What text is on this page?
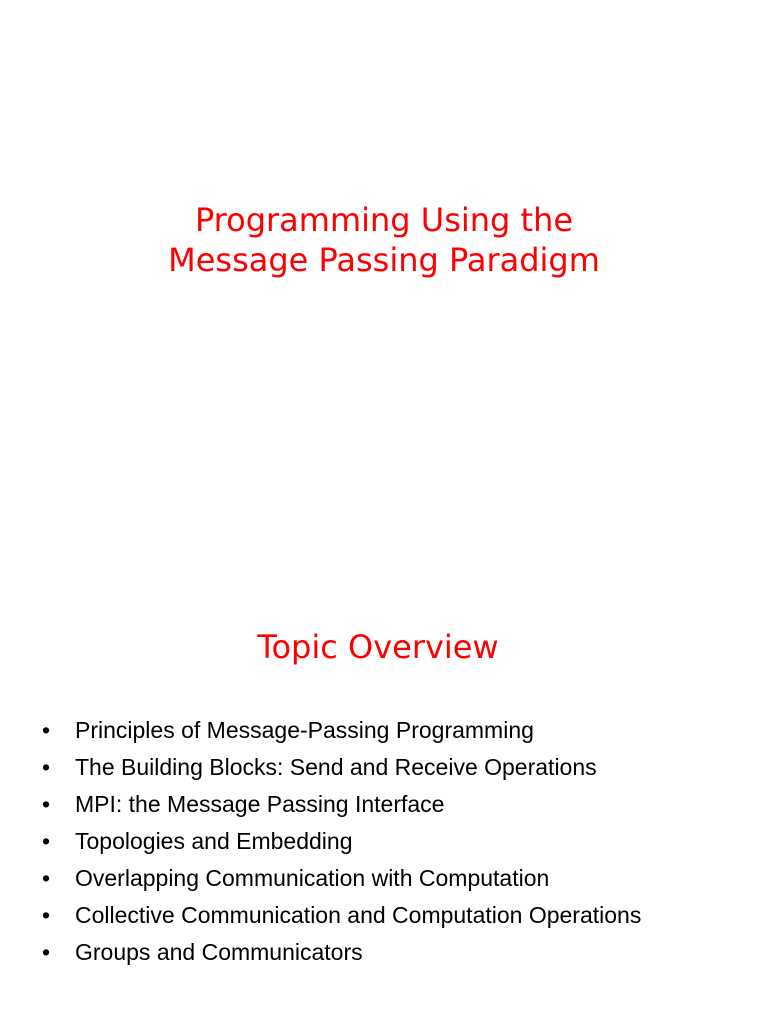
Programming Using the
Message Passing Paradigm
Topic Overview
• Principles of Message-Passing Programming
• The Building Blocks: Send and Receive Operations
• MPI: the Message Passing Interface
• Topologies and Embedding
• Overlapping Communication with Computation
• Collective Communication and Computation Operations
• Groups and Communicators
